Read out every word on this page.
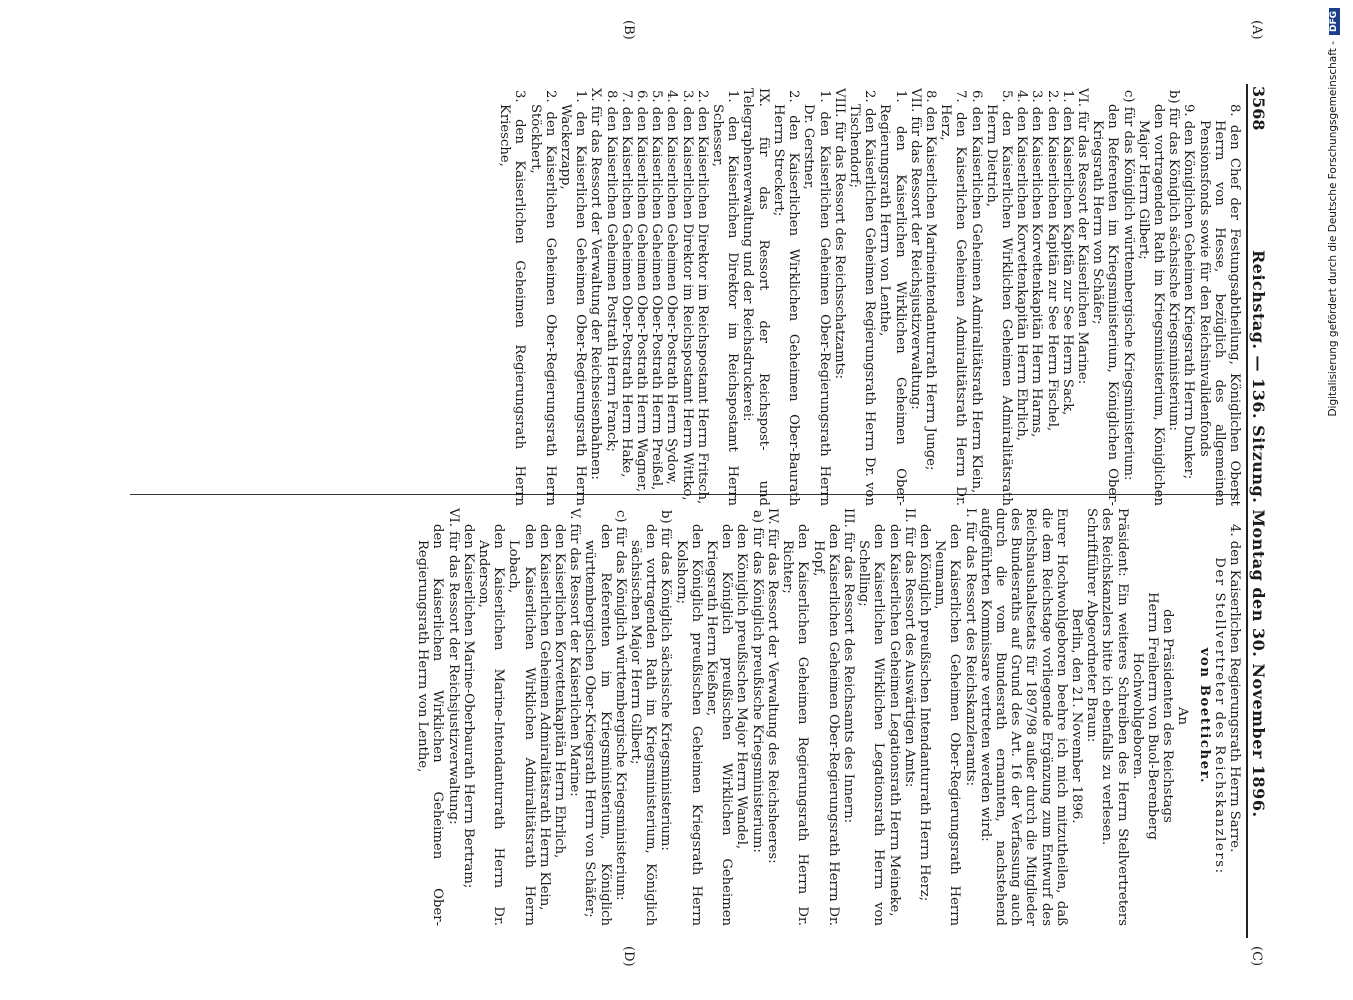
3568
Reichstag. — 136. Sitzung. Montag den 30. November 1896.
(A)
(B)
(C)
(D)

8. den Chef der Festungsabtheilung, Königlichen Oberst Herrn von Hesse, bezüglich des allgemeinen Pensionsfonds sowie für den Reichsinvalidenfonds

9. den Königlichen Geheimen Kriegsrath Herrn Dunker;

b) für das Königlich sächsische Kriegsministerium:

den vortragenden Rath im Kriegsministerium, Königlichen Major Herrn Gilbert;

c) für das Königlich württembergische Kriegsministerium:

den Referenten im Kriegsministerium, Königlichen Ober-Kriegsrath Herrn von Schäfer;

VI. für das Ressort der Kaiserlichen Marine:

1. den Kaiserlichen Kapitän zur See Herrn Sack,

2. den Kaiserlichen Kapitän zur See Herrn Fischel,

3. den Kaiserlichen Korvettenkapitän Herrn Harms,

4. den Kaiserlichen Korvettenkapitän Herrn Ehrlich,

5. den Kaiserlichen Wirklichen Geheimen Admiralitätsrath Herrn Dietrich,

6. den Kaiserlichen Geheimen Admiralitätsrath Herrn Klein,

7. den Kaiserlichen Geheimen Admiralitätsrath Herrn Dr. Herz,

8. den Kaiserlichen Marineintendanturrath Herrn Junge;

VII. für das Ressort der Reichsjustizverwaltung:

1. den Kaiserlichen Wirklichen Geheimen Ober-Regierungsrath Herrn von Lenthe,

2. den Kaiserlichen Geheimen Regierungsrath Herrn Dr. von Tischendorf;

VIII. für das Ressort des Reichsschatzamts:

1. den Kaiserlichen Geheimen Ober-Regierungsrath Herrn Dr. Gerstner,

2. den Kaiserlichen Wirklichen Geheimen Ober-Baurath Herrn Streckert;

IX. für das Ressort der Reichspost- und Telegraphenverwaltung und der Reichsdruckerei:

1. den Kaiserlichen Direktor im Reichspostamt Herrn Schesser,

2. den Kaiserlichen Direktor im Reichspostamt Herrn Fritsch,

3. den Kaiserlichen Direktor im Reichspostamt Herrn Wittko,

4. den Kaiserlichen Geheimen Ober-Postrath Herrn Sydow,

5. den Kaiserlichen Geheimen Ober-Postrath Herrn Preißel,

6. den Kaiserlichen Geheimen Ober-Postrath Herrn Wagner,

7. den Kaiserlichen Geheimen Ober-Postrath Herrn Hake,

8. den Kaiserlichen Geheimen Postrath Herrn Franck;

X. für das Ressort der Verwaltung der Reichseisenbahnen:

1. den Kaiserlichen Geheimen Ober-Regierungsrath Herrn Wackerzapp,

2. den Kaiserlichen Geheimen Ober-Regierungsrath Herrn Stöckhert,

3. den Kaiserlichen Geheimen Regierungsrath Herrn Kriesche,

4. den Kaiserlichen Regierungsrath Herrn Sarre.

Der Stellvertreter des Reichskanzlers:

von Boetticher.

An

den Präsidenten des Reichstags

Herrn Freiherrn von Buol-Berenberg

Hochwohlgeboren.

Präsident: Ein weiteres Schreiben des Herrn Stellvertreters des Reichskanzlers bitte ich ebenfalls zu verlesen.

Schriftführer Abgeordneter Braun:

Berlin, den 21. November 1896.

Eurer Hochwohlgeboren beehre ich mich mitzutheilen, daß die dem Reichstage vorliegende Ergänzung zum Entwurf des Reichshaushaltsetats für 1897/98 außer durch die Mitglieder des Bundesraths auf Grund des Art. 16 der Verfassung auch durch die vom Bundesrath ernannten, nachstehend aufgeführten Kommissare vertreten werden wird:

I. für das Ressort des Reichskanzleramts:

den Kaiserlichen Geheimen Ober-Regierungsrath Herrn Neumann,

den Königlich preußischen Intendanturrath Herrn Herz;

II. für das Ressort des Auswärtigen Amts:

den Kaiserlichen Geheimen Legationsrath Herrn Meineke,

den Kaiserlichen Wirklichen Legationsrath Herrn von Schelling;

III. für das Ressort des Reichsamts des Innern:

den Kaiserlichen Geheimen Ober-Regierungsrath Herrn Dr. Hopf,

den Kaiserlichen Geheimen Regierungsrath Herrn Dr. Richter;

IV. für das Ressort der Verwaltung des Reichsheeres:

a) für das Königlich preußische Kriegsministerium:

den Königlich preußischen Major Herrn Wandel,

den Königlich preußischen Wirklichen Geheimen Kriegsrath Herrn Kießner,

den Königlich preußischen Geheimen Kriegsrath Herrn Kolshorn;

b) für das Königlich sächsische Kriegsministerium:

den vortragenden Rath im Kriegsministerium, Königlich sächsischen Major Herrn Gilbert;

c) für das Königlich württembergische Kriegsministerium:

den Referenten im Kriegsministerium, Königlich württembergischen Ober-Kriegsrath Herrn von Schäfer;

V. für das Ressort der Kaiserlichen Marine:

den Kaiserlichen Korvettenkapitän Herrn Ehrlich,

den Kaiserlichen Geheimen Admiralitätsrath Herrn Klein,

den Kaiserlichen Wirklichen Admiralitätsrath Herrn Lobach,

den Kaiserlichen Marine-Intendanturrath Herrn Dr. Anderson,

den Kaiserlichen Marine-Oberbaurath Herrn Bertram;

VI. für das Ressort der Reichsjustizverwaltung:

den Kaiserlichen Wirklichen Geheimen Ober-Regierungsrath Herrn von Lenthe,

Digitalisierung gefördert durch die Deutsche Forschungsgemeinschaft -DFG
